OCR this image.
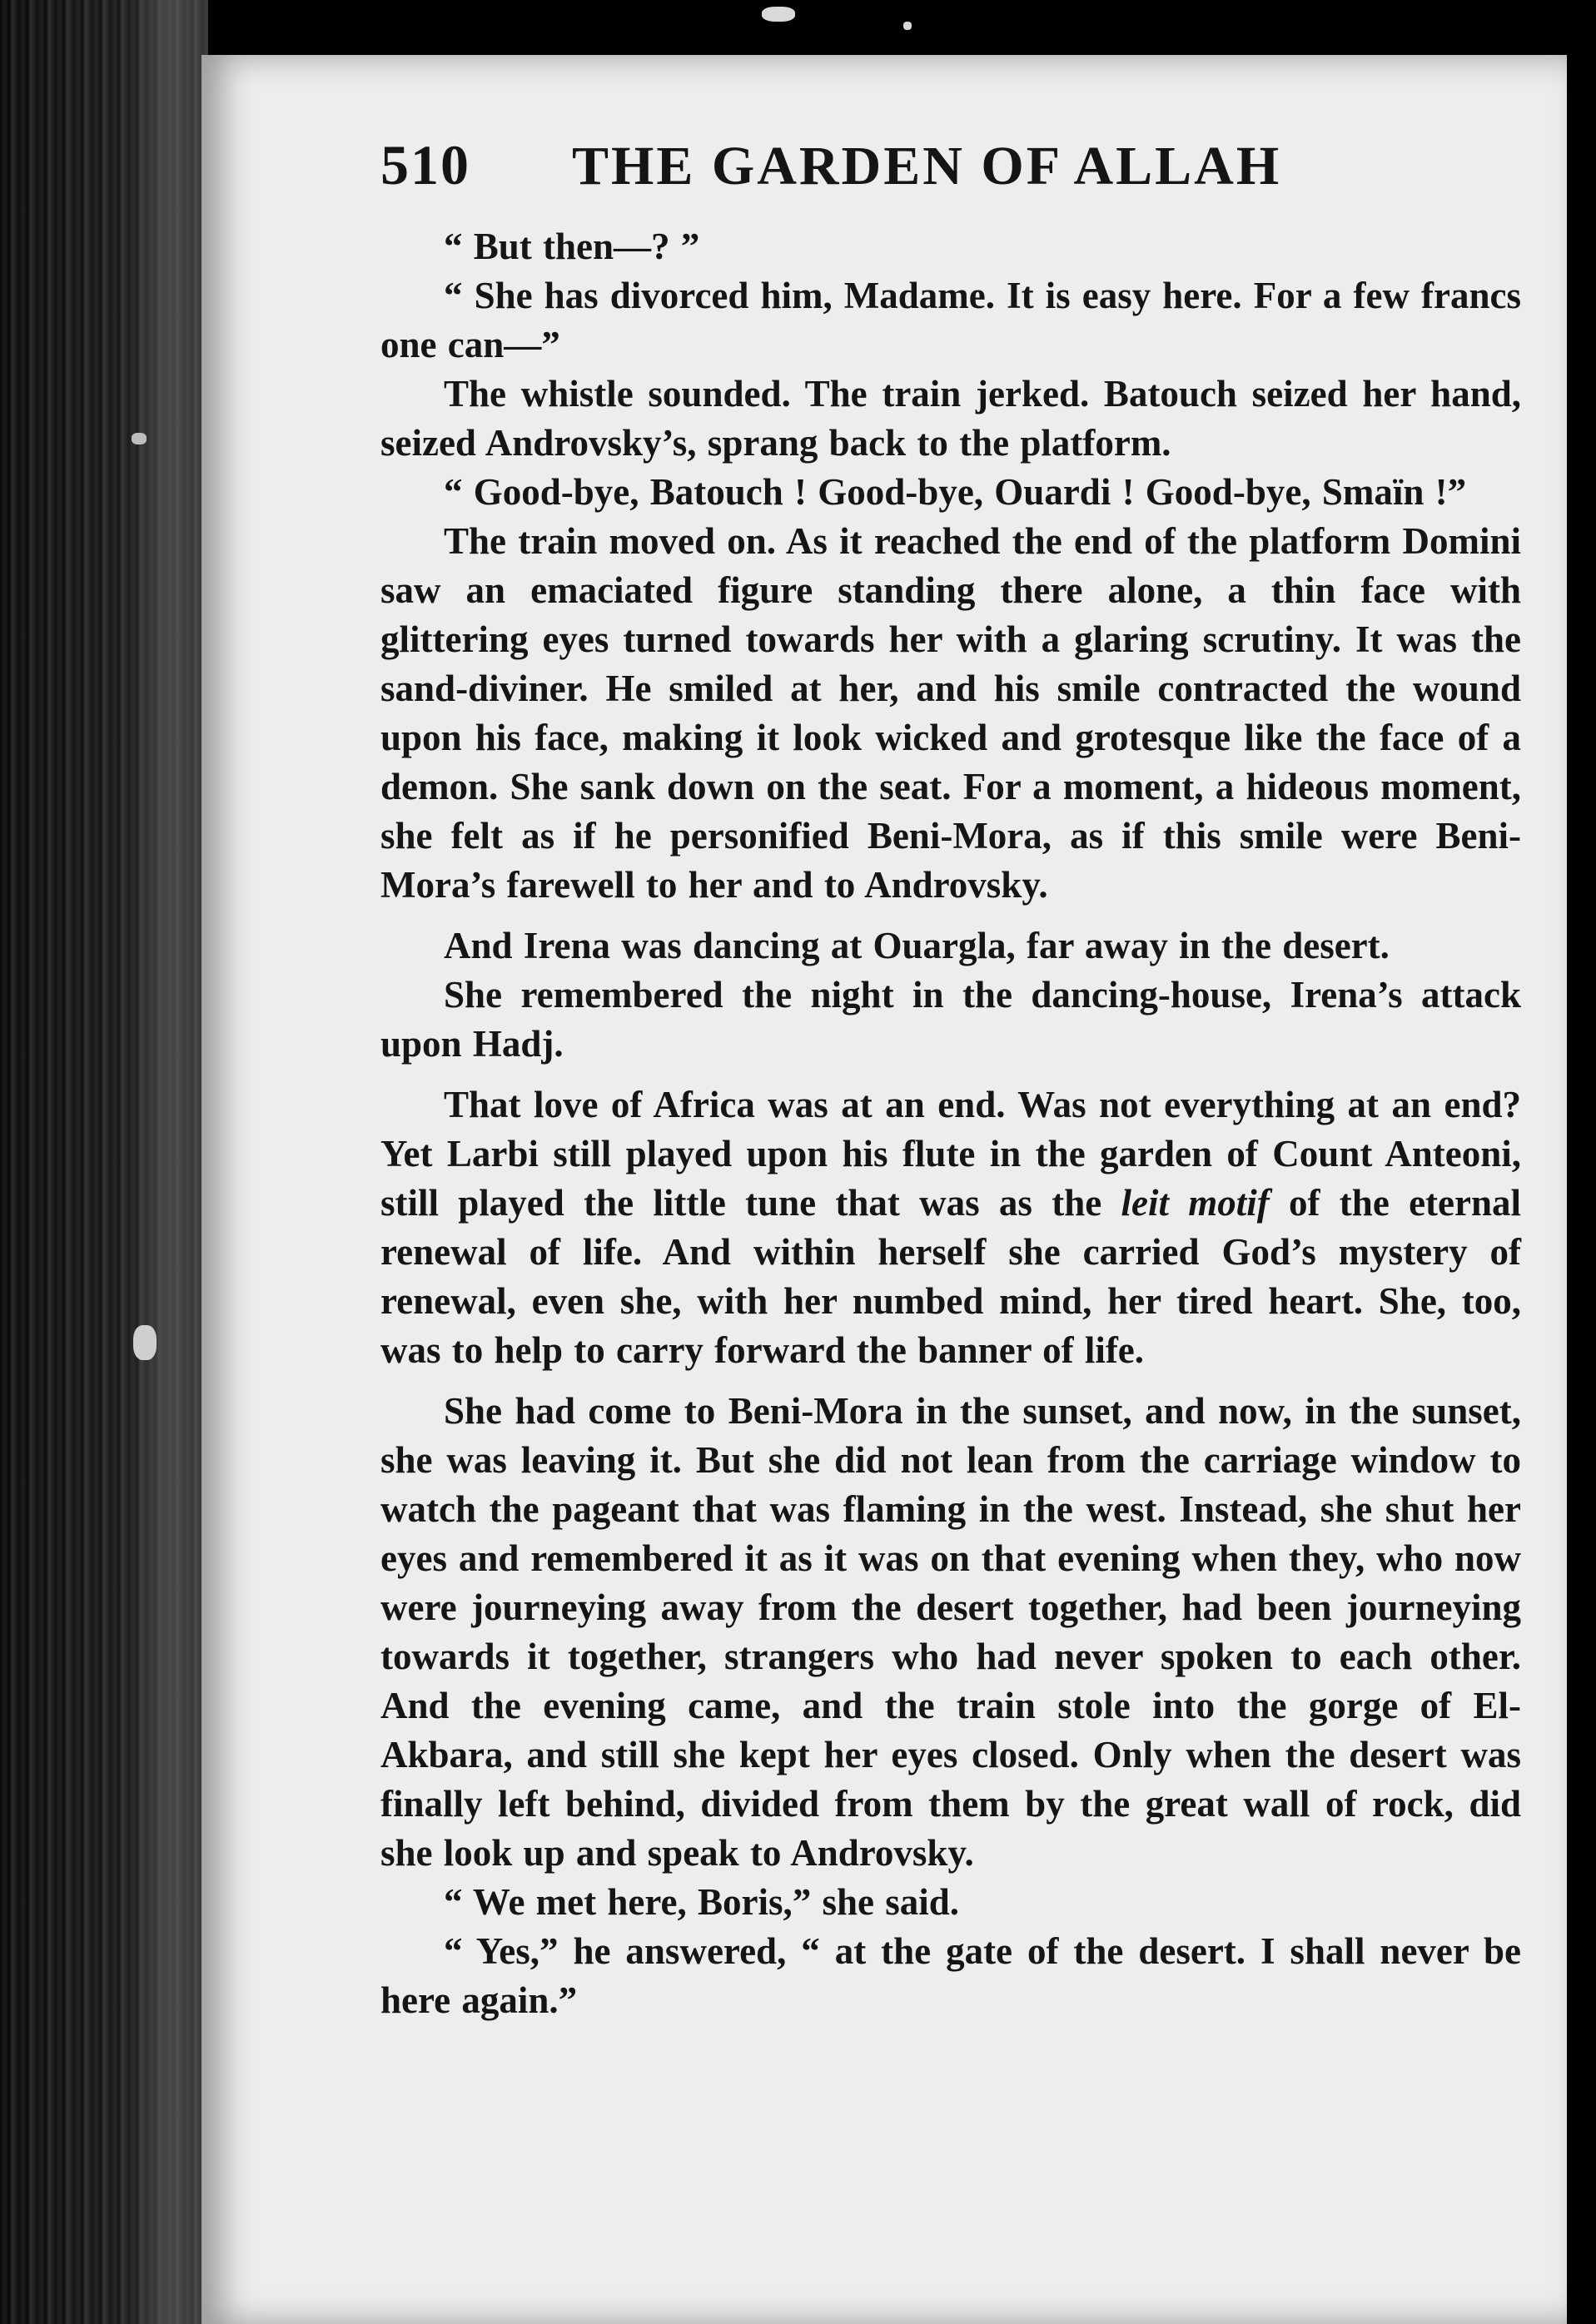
510	THE GARDEN OF ALLAH

“ But then—? ”

“ She has divorced him, Madame. It is easy here. For a few francs one can—”

The whistle sounded. The train jerked. Batouch seized her hand, seized Androvsky’s, sprang back to the platform.

“ Good-bye, Batouch ! Good-bye, Ouardi ! Good-bye, Smaïn !”

The train moved on. As it reached the end of the platform Domini saw an emaciated figure standing there alone, a thin face with glittering eyes turned towards her with a glaring scrutiny. It was the sand-diviner. He smiled at her, and his smile contracted the wound upon his face, making it look wicked and grotesque like the face of a demon. She sank down on the seat. For a moment, a hideous moment, she felt as if he personified Beni-Mora, as if this smile were Beni-Mora’s farewell to her and to Androvsky.

And Irena was dancing at Ouargla, far away in the desert.

She remembered the night in the dancing-house, Irena’s attack upon Hadj.

That love of Africa was at an end. Was not everything at an end? Yet Larbi still played upon his flute in the garden of Count Anteoni, still played the little tune that was as the leit motif of the eternal renewal of life. And within herself she carried God’s mystery of renewal, even she, with her numbed mind, her tired heart. She, too, was to help to carry forward the banner of life.

She had come to Beni-Mora in the sunset, and now, in the sunset, she was leaving it. But she did not lean from the carriage window to watch the pageant that was flaming in the west. Instead, she shut her eyes and remembered it as it was on that evening when they, who now were journeying away from the desert together, had been journeying towards it together, strangers who had never spoken to each other. And the evening came, and the train stole into the gorge of El-Akbara, and still she kept her eyes closed. Only when the desert was finally left behind, divided from them by the great wall of rock, did she look up and speak to Androvsky.

“ We met here, Boris,” she said.

“ Yes,” he answered, “ at the gate of the desert. I shall never be here again.”
